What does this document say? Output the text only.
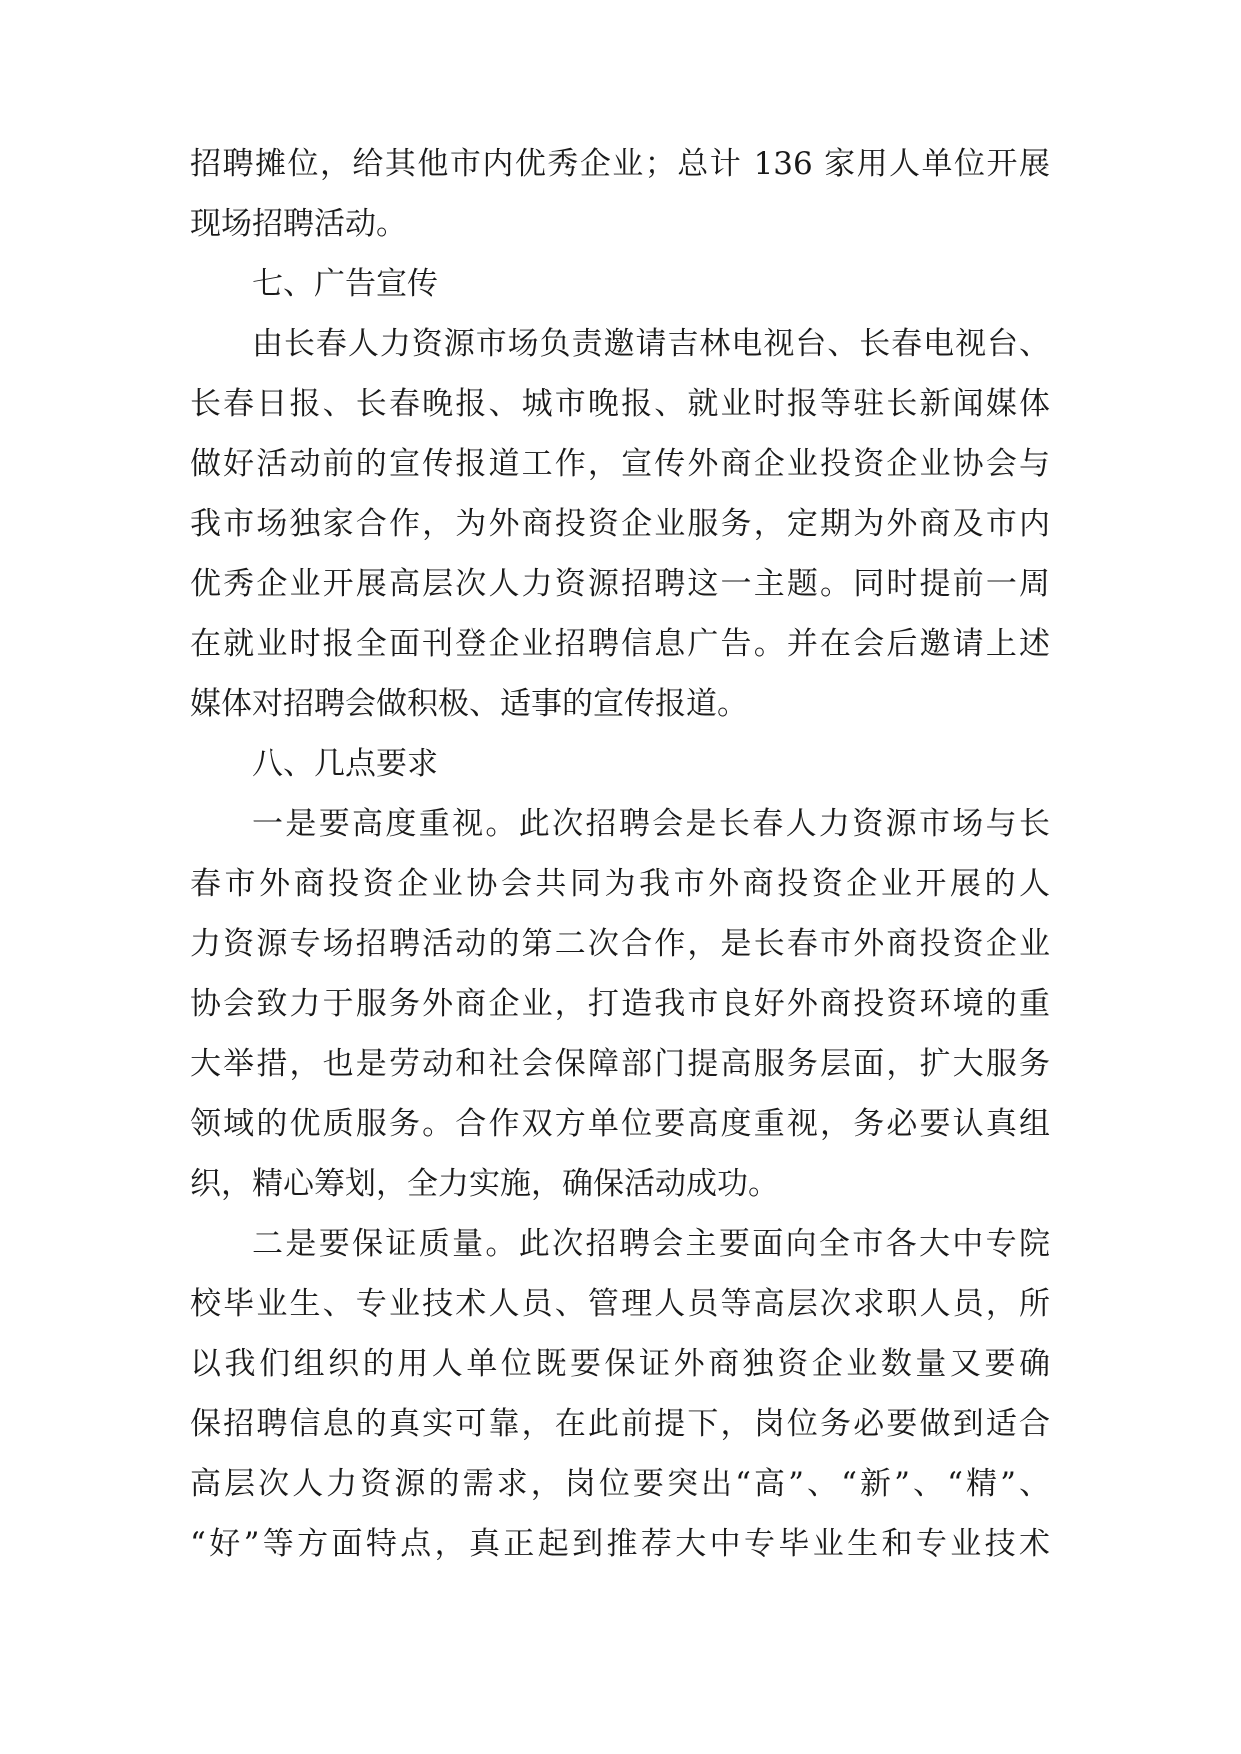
招聘摊位，给其他市内优秀企业；总计 136 家用人单位开展
现场招聘活动。
七、广告宣传
由长春人力资源市场负责邀请吉林电视台、长春电视台、
长春日报、长春晚报、城市晚报、就业时报等驻长新闻媒体
做好活动前的宣传报道工作，宣传外商企业投资企业协会与
我市场独家合作，为外商投资企业服务，定期为外商及市内
优秀企业开展高层次人力资源招聘这一主题。同时提前一周
在就业时报全面刊登企业招聘信息广告。并在会后邀请上述
媒体对招聘会做积极、适事的宣传报道。
八、几点要求
一是要高度重视。此次招聘会是长春人力资源市场与长
春市外商投资企业协会共同为我市外商投资企业开展的人
力资源专场招聘活动的第二次合作，是长春市外商投资企业
协会致力于服务外商企业，打造我市良好外商投资环境的重
大举措，也是劳动和社会保障部门提高服务层面，扩大服务
领域的优质服务。合作双方单位要高度重视，务必要认真组
织，精心筹划，全力实施，确保活动成功。
二是要保证质量。此次招聘会主要面向全市各大中专院
校毕业生、专业技术人员、管理人员等高层次求职人员，所
以我们组织的用人单位既要保证外商独资企业数量又要确
保招聘信息的真实可靠，在此前提下，岗位务必要做到适合
高层次人力资源的需求，岗位要突出“高”、“新”、“精”、
“好”等方面特点，真正起到推荐大中专毕业生和专业技术
